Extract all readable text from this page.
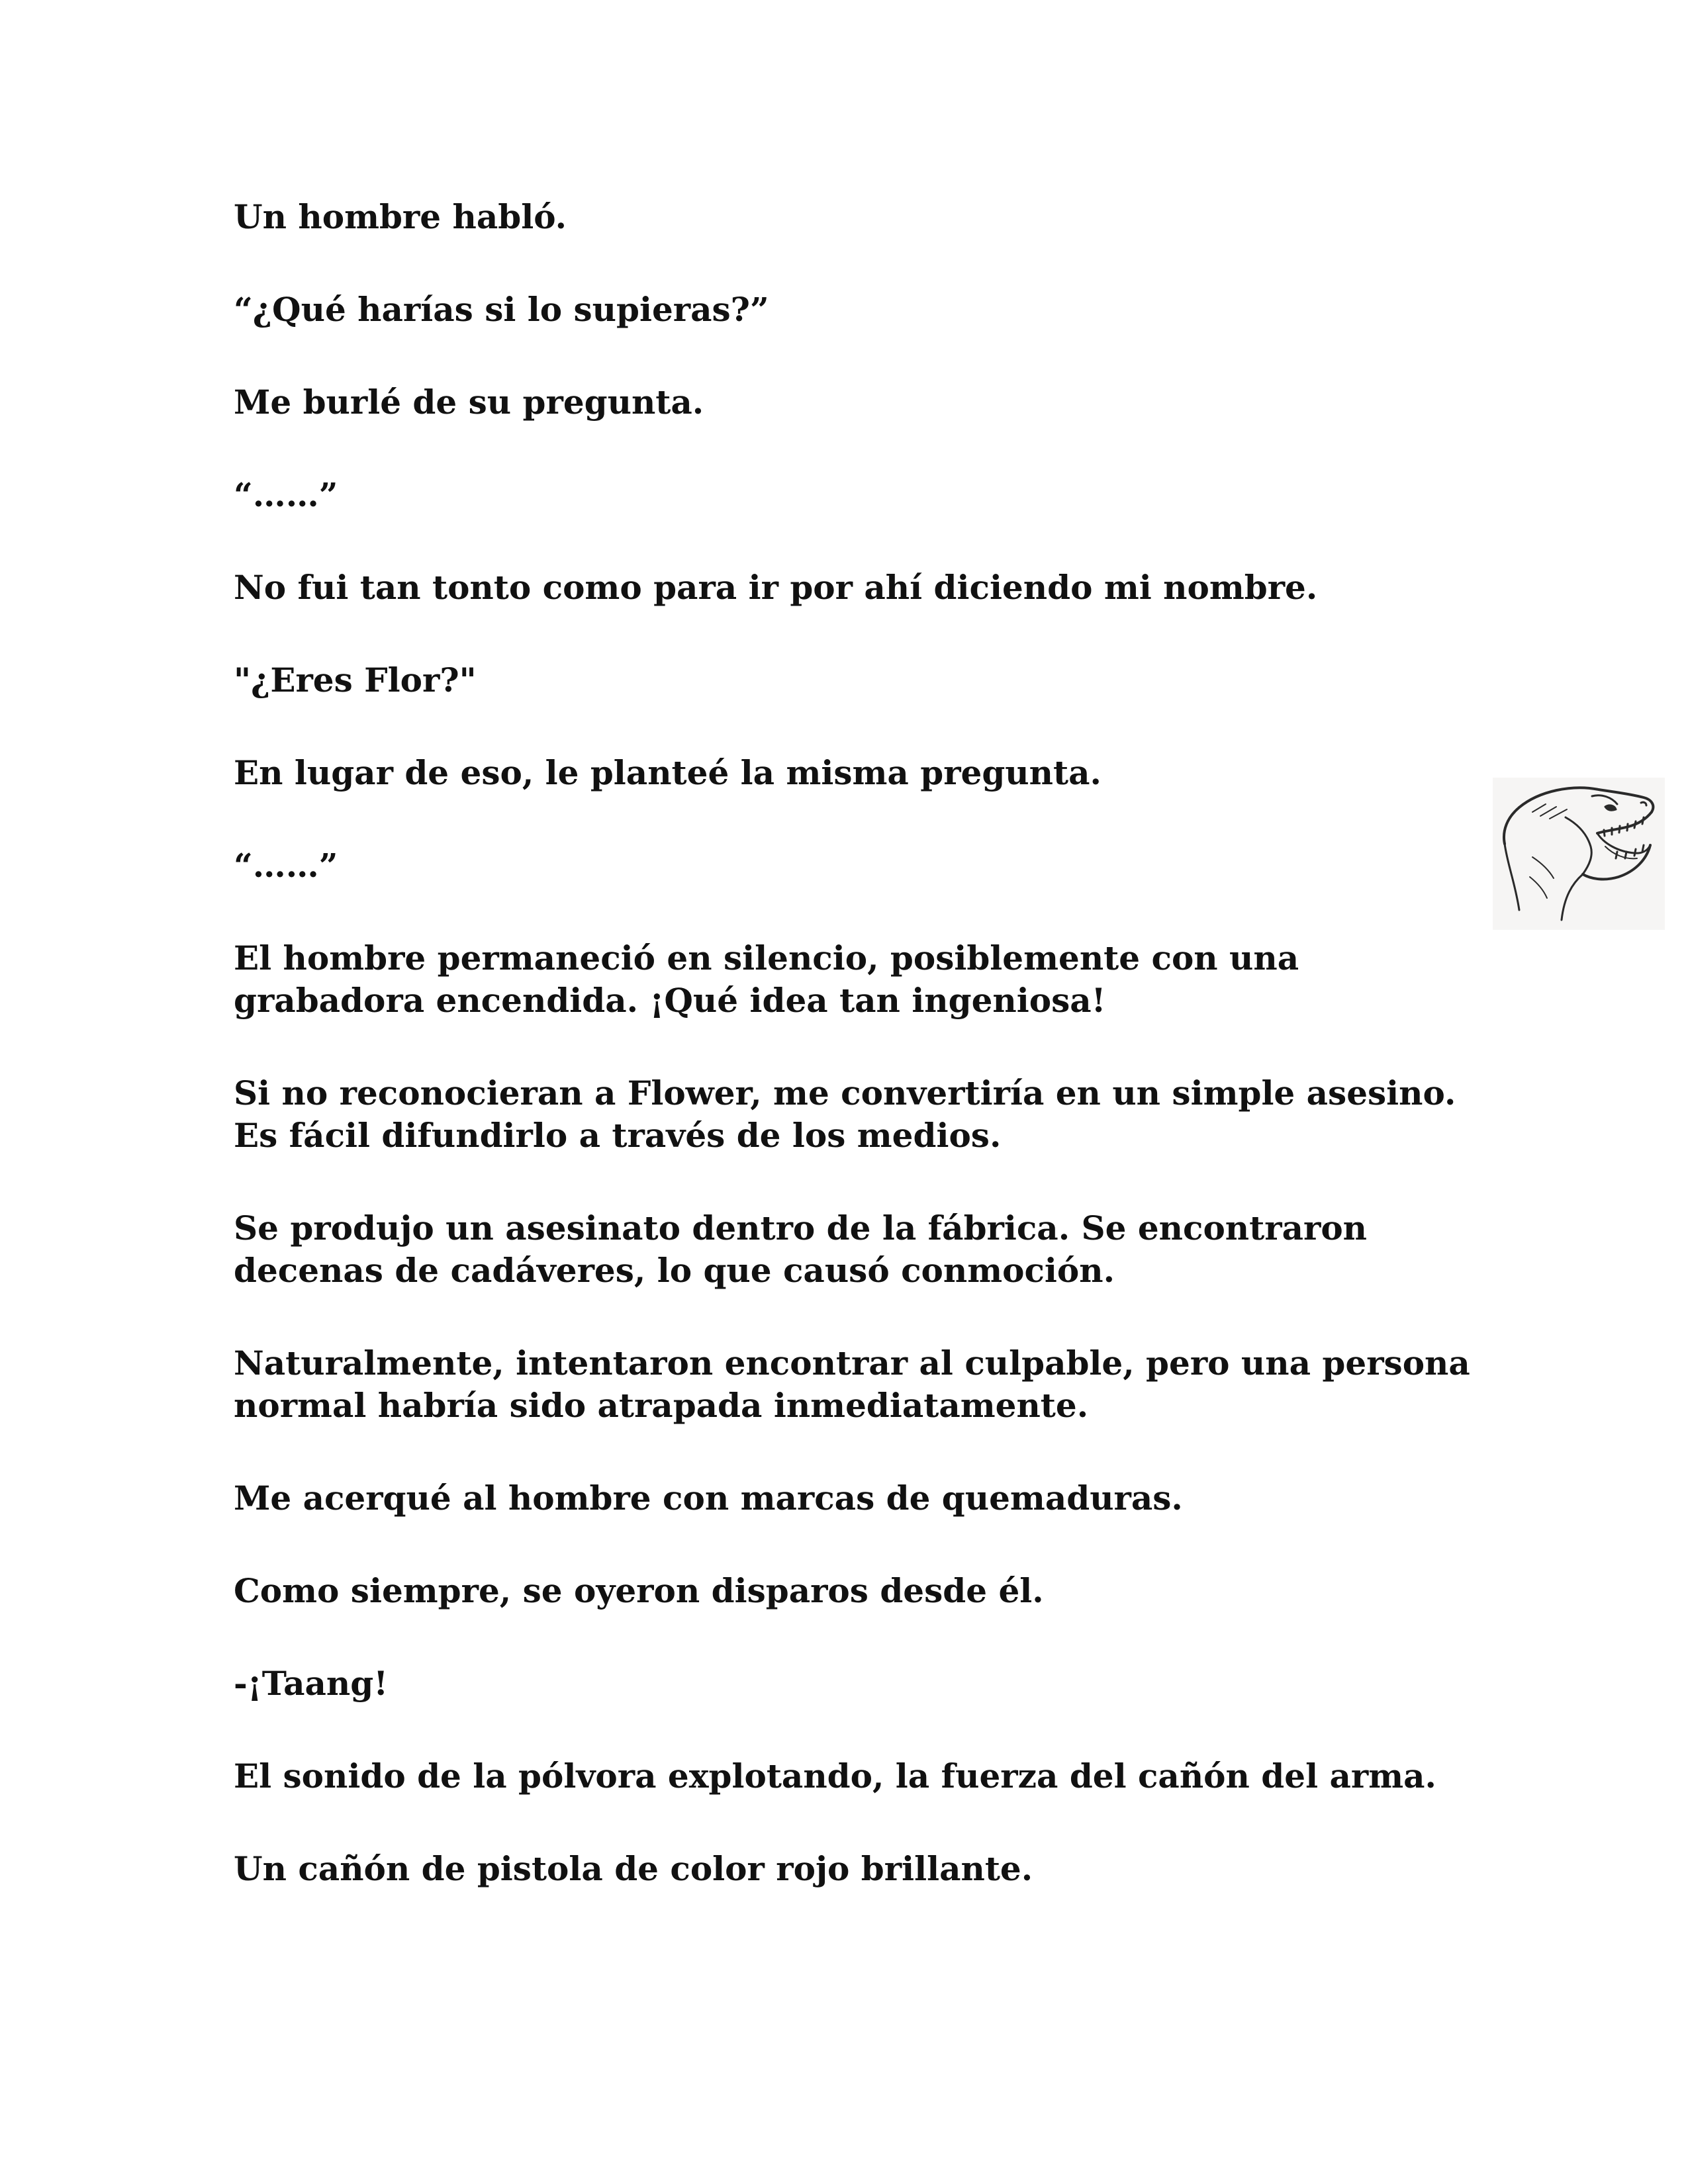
Un hombre habló.

“¿Qué harías si lo supieras?”

Me burlé de su pregunta.

“……”

No fui tan tonto como para ir por ahí diciendo mi nombre.

"¿Eres Flor?"

En lugar de eso, le planteé la misma pregunta.

“……”

El hombre permaneció en silencio, posiblemente con una grabadora encendida. ¡Qué idea tan ingeniosa!

Si no reconocieran a Flower, me convertiría en un simple asesino. Es fácil difundirlo a través de los medios.

Se produjo un asesinato dentro de la fábrica. Se encontraron decenas de cadáveres, lo que causó conmoción.

Naturalmente, intentaron encontrar al culpable, pero una persona normal habría sido atrapada inmediatamente.

Me acerqué al hombre con marcas de quemaduras.

Como siempre, se oyeron disparos desde él.

-¡Taang!

El sonido de la pólvora explotando, la fuerza del cañón del arma.

Un cañón de pistola de color rojo brillante.
